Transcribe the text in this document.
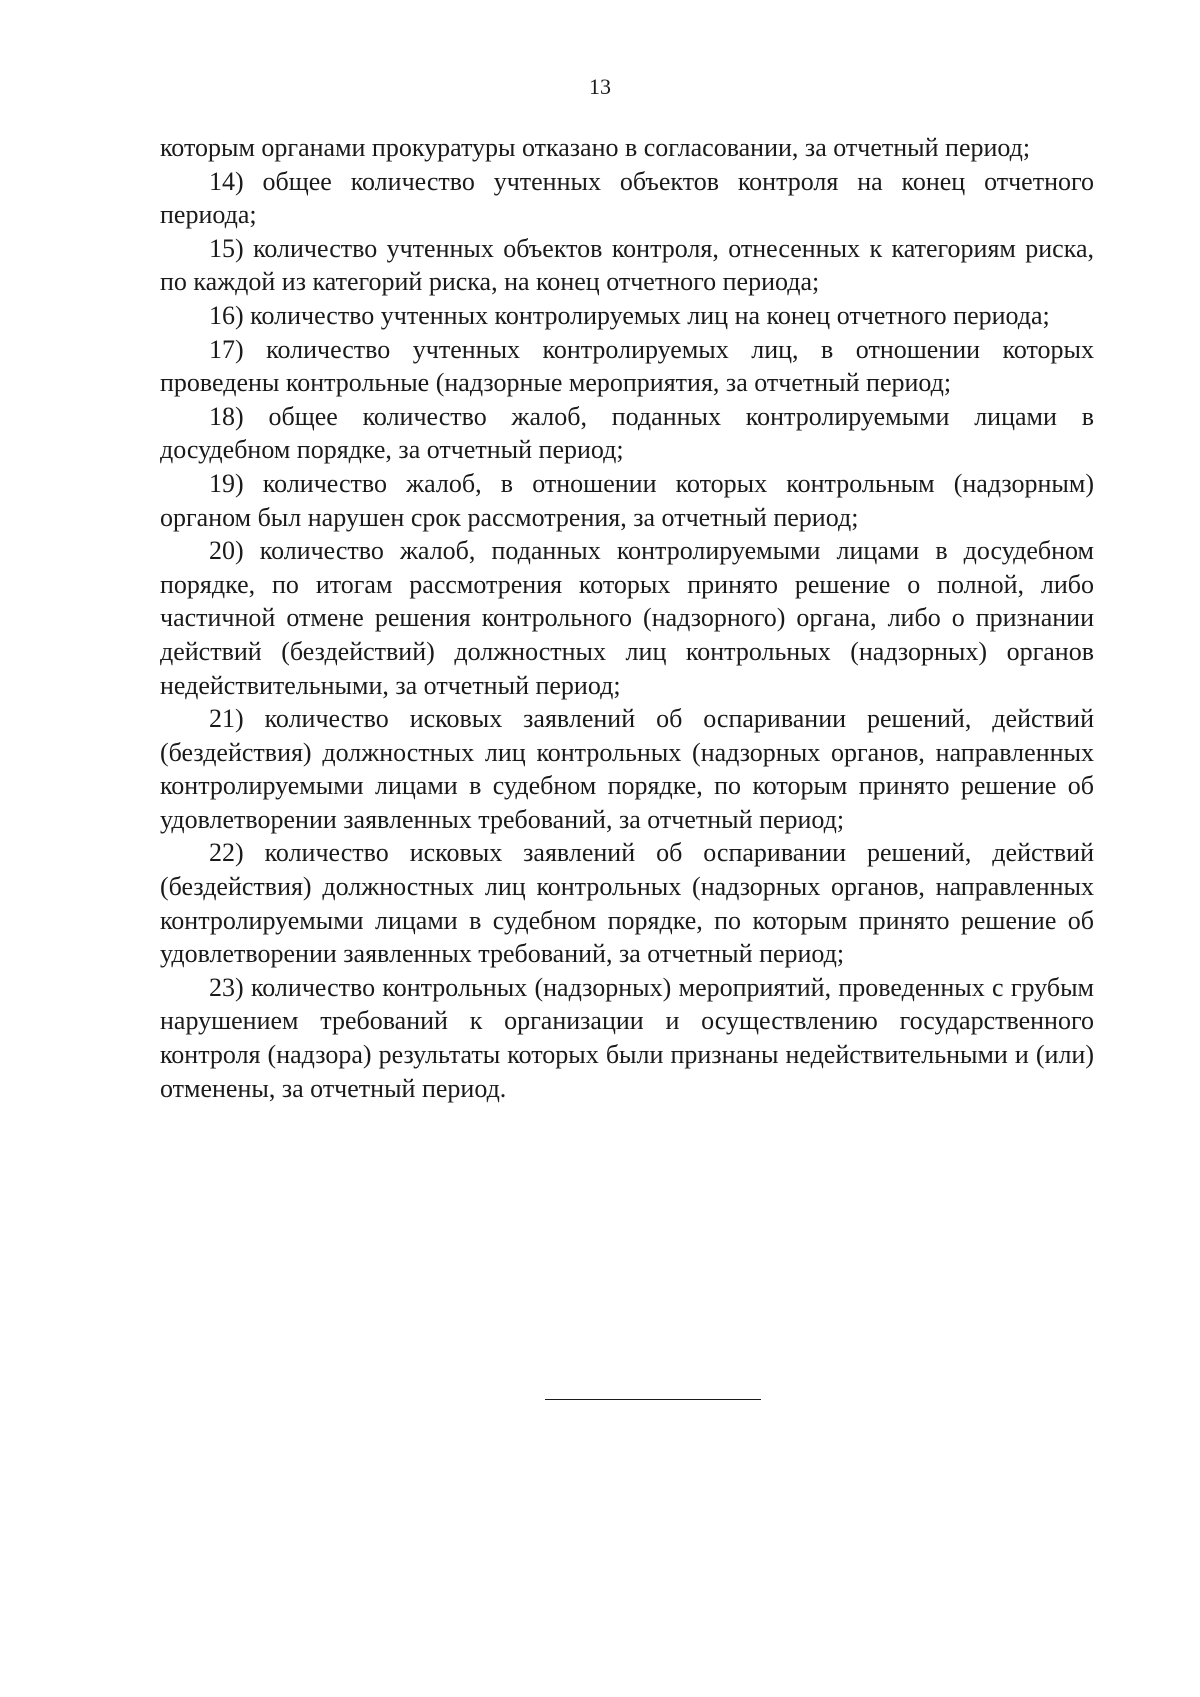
13

которым органами прокуратуры отказано в согласовании, за отчетный период;

14) общее количество учтенных объектов контроля на конец отчетного периода;

15) количество учтенных объектов контроля, отнесенных к категориям риска, по каждой из категорий риска, на конец отчетного периода;

16) количество учтенных контролируемых лиц на конец отчетного периода;

17) количество учтенных контролируемых лиц, в отношении которых проведены контрольные (надзорные мероприятия, за отчетный период;

18) общее количество жалоб, поданных контролируемыми лицами в досудебном порядке, за отчетный период;

19) количество жалоб, в отношении которых контрольным (надзорным) органом был нарушен срок рассмотрения, за отчетный период;

20) количество жалоб, поданных контролируемыми лицами в досудебном порядке, по итогам рассмотрения которых принято решение о полной, либо частичной отмене решения контрольного (надзорного) органа, либо о признании действий (бездействий) должностных лиц контрольных (надзорных) органов недействительными, за отчетный период;

21) количество исковых заявлений об оспаривании решений, действий (бездействия) должностных лиц контрольных (надзорных органов, направленных контролируемыми лицами в судебном порядке, по которым принято решение об удовлетворении заявленных требований, за отчетный период;

22) количество исковых заявлений об оспаривании решений, действий (бездействия) должностных лиц контрольных (надзорных органов, направленных контролируемыми лицами в судебном порядке, по которым принято решение об удовлетворении заявленных требований, за отчетный период;

23) количество контрольных (надзорных) мероприятий, проведенных с грубым нарушением требований к организации и осуществлению государственного контроля (надзора) результаты которых были признаны недействительными и (или) отменены, за отчетный период.
